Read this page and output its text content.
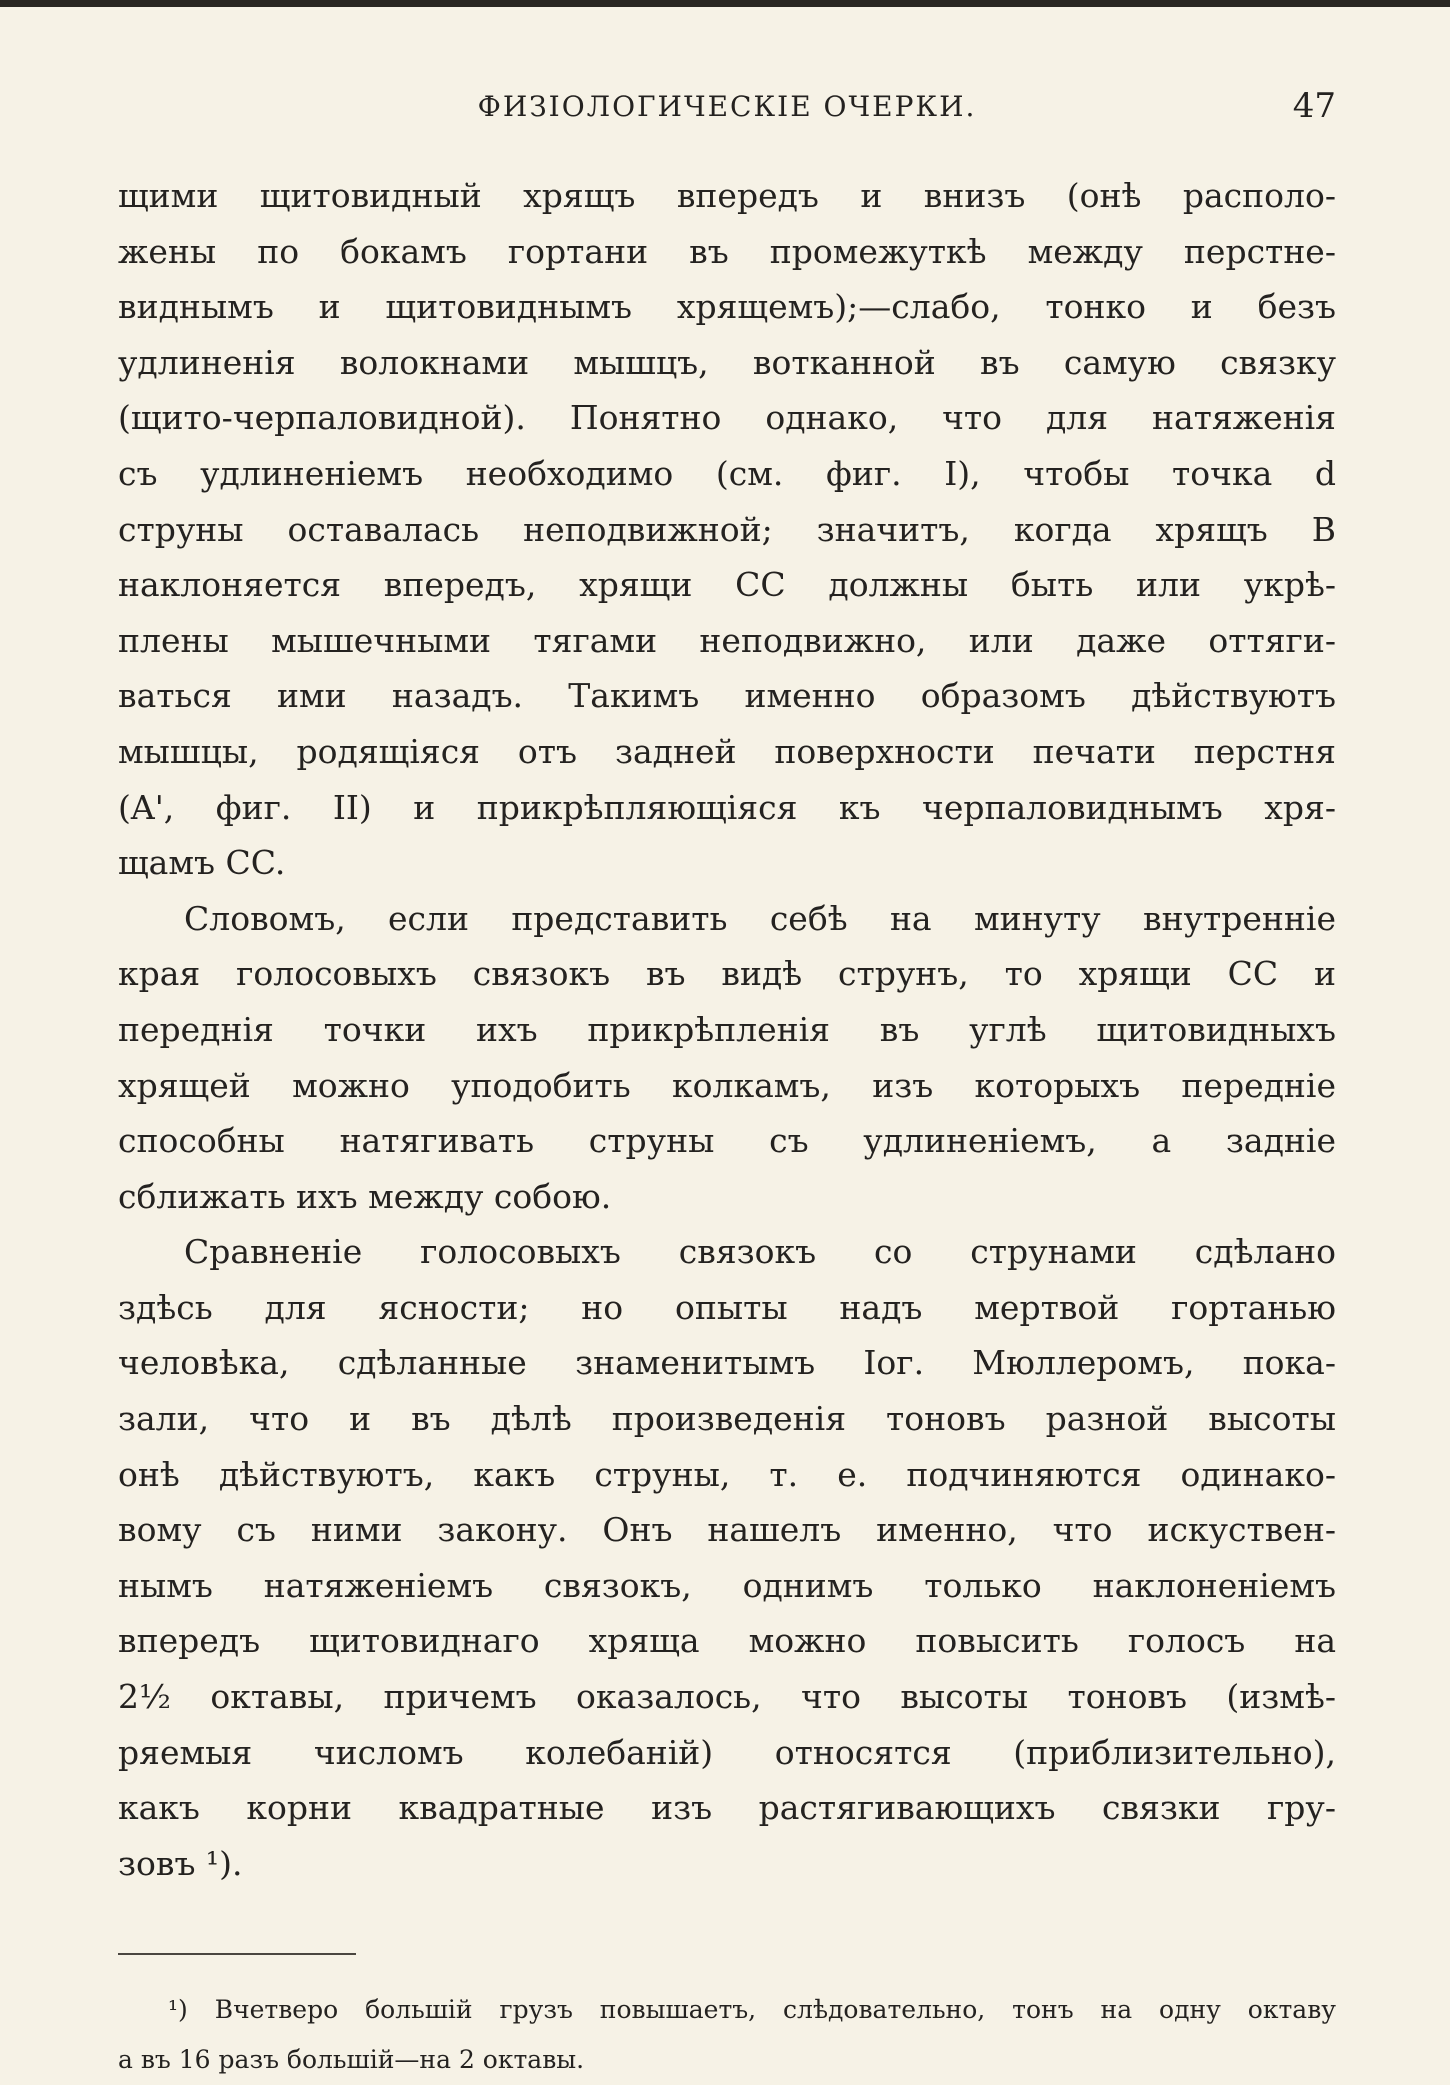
ФИЗІОЛОГИЧЕСКІЕ ОЧЕРКИ.	47
щими щитовидный хрящъ впередъ и внизъ (онѣ располо-
жены по бокамъ гортани въ промежуткѣ между перстне-
виднымъ и щитовиднымъ хрящемъ);—слабо, тонко и безъ
удлиненія волокнами мышцъ, вотканной въ самую связку
(щито-черпаловидной). Понятно однако, что для натяженія
съ удлиненіемъ необходимо (см. фиг. I), чтобы точка d
струны оставалась неподвижной; значитъ, когда хрящъ B
наклоняется впередъ, хрящи CC должны быть или укрѣ-
плены мышечными тягами неподвижно, или даже оттяги-
ваться ими назадъ. Такимъ именно образомъ дѣйствуютъ
мышцы, родящіяся отъ задней поверхности печати перстня
(A', фиг. II) и прикрѣпляющіяся къ черпаловиднымъ хря-
щамъ CC.
Словомъ, если представить себѣ на минуту внутренніе
края голосовыхъ связокъ въ видѣ струнъ, то хрящи CC и
переднія точки ихъ прикрѣпленія въ углѣ щитовидныхъ
хрящей можно уподобить колкамъ, изъ которыхъ передніе
способны натягивать струны съ удлиненіемъ, а задніе
сближать ихъ между собою.
Сравненіе голосовыхъ связокъ со струнами сдѣлано
здѣсь для ясности; но опыты надъ мертвой гортанью
человѣка, сдѣланные знаменитымъ Іог. Мюллеромъ, пока-
зали, что и въ дѣлѣ произведенія тоновъ разной высоты
онѣ дѣйствуютъ, какъ струны, т. е. подчиняются одинако-
вому съ ними закону. Онъ нашелъ именно, что искуствен-
нымъ натяженіемъ связокъ, однимъ только наклоненіемъ
впередъ щитовиднаго хряща можно повысить голосъ на
2½ октавы, причемъ оказалось, что высоты тоновъ (измѣ-
ряемыя числомъ колебаній) относятся (приблизительно),
какъ корни квадратные изъ растягивающихъ связки гру-
зовъ ¹).
¹) Вчетверо большій грузъ повышаетъ, слѣдовательно, тонъ на одну октаву
а въ 16 разъ большій—на 2 октавы.
